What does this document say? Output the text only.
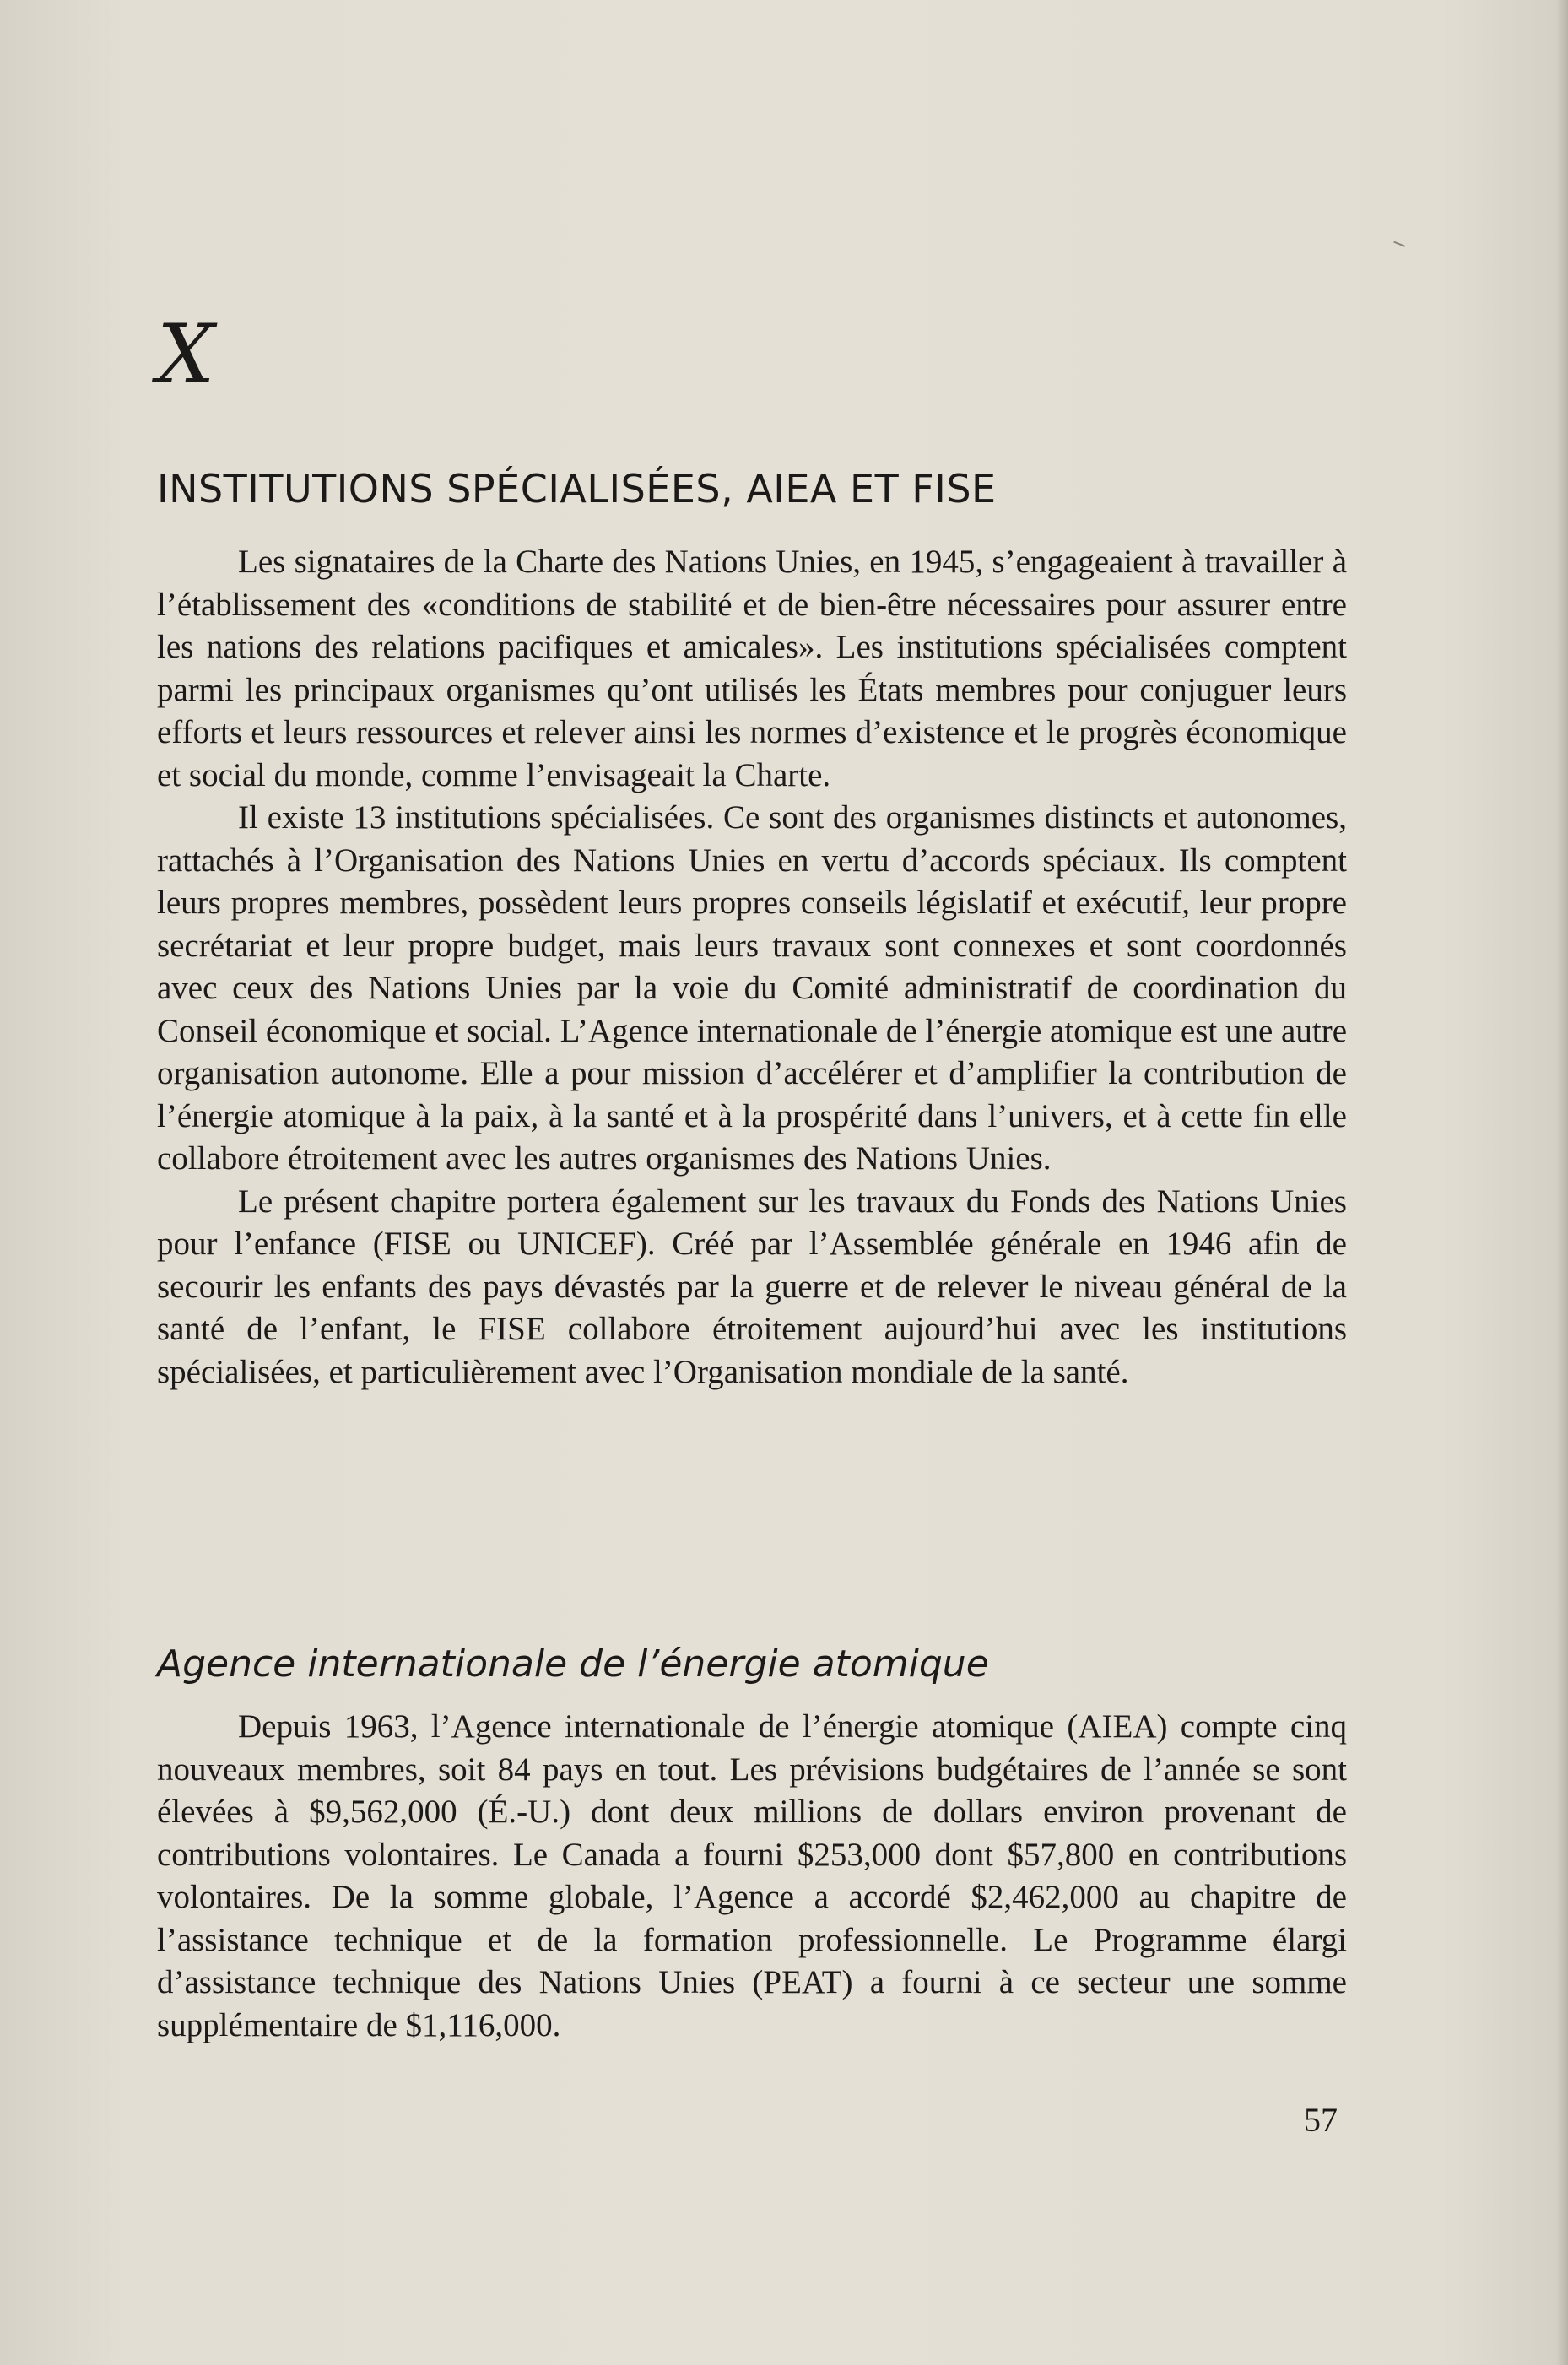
X
INSTITUTIONS SPÉCIALISÉES, AIEA ET FISE

Les signataires de la Charte des Nations Unies, en 1945, s’engageaient à travailler à l’établissement des «conditions de stabilité et de bien-être nécessaires pour assurer entre les nations des relations pacifiques et amicales». Les institutions spécialisées comptent parmi les principaux organismes qu’ont utilisés les États membres pour conjuguer leurs efforts et leurs ressources et relever ainsi les normes d’existence et le progrès économique et social du monde, comme l’envisageait la Charte.

Il existe 13 institutions spécialisées. Ce sont des organismes distincts et autonomes, rattachés à l’Organisation des Nations Unies en vertu d’accords spéciaux. Ils comptent leurs propres membres, possèdent leurs propres conseils législatif et exécutif, leur propre secrétariat et leur propre budget, mais leurs travaux sont connexes et sont coordonnés avec ceux des Nations Unies par la voie du Comité administratif de coordination du Conseil économique et social. L’Agence internationale de l’énergie atomique est une autre organisation autonome. Elle a pour mission d’accélérer et d’amplifier la contribution de l’énergie atomique à la paix, à la santé et à la prospérité dans l’univers, et à cette fin elle collabore étroitement avec les autres organismes des Nations Unies.

Le présent chapitre portera également sur les travaux du Fonds des Nations Unies pour l’enfance (FISE ou UNICEF). Créé par l’Assemblée générale en 1946 afin de secourir les enfants des pays dévastés par la guerre et de relever le niveau général de la santé de l’enfant, le FISE collabore étroitement aujourd’hui avec les institutions spécialisées, et particulièrement avec l’Organisation mondiale de la santé.

Agence internationale de l’énergie atomique

Depuis 1963, l’Agence internationale de l’énergie atomique (AIEA) compte cinq nouveaux membres, soit 84 pays en tout. Les prévisions budgétaires de l’année se sont élevées à $9,562,000 (É.-U.) dont deux millions de dollars environ provenant de contributions volontaires. Le Canada a fourni $253,000 dont $57,800 en contributions volontaires. De la somme globale, l’Agence a accordé $2,462,000 au chapitre de l’assistance technique et de la formation professionnelle. Le Programme élargi d’assistance technique des Nations Unies (PEAT) a fourni à ce secteur une somme supplémentaire de $1,116,000.

57
